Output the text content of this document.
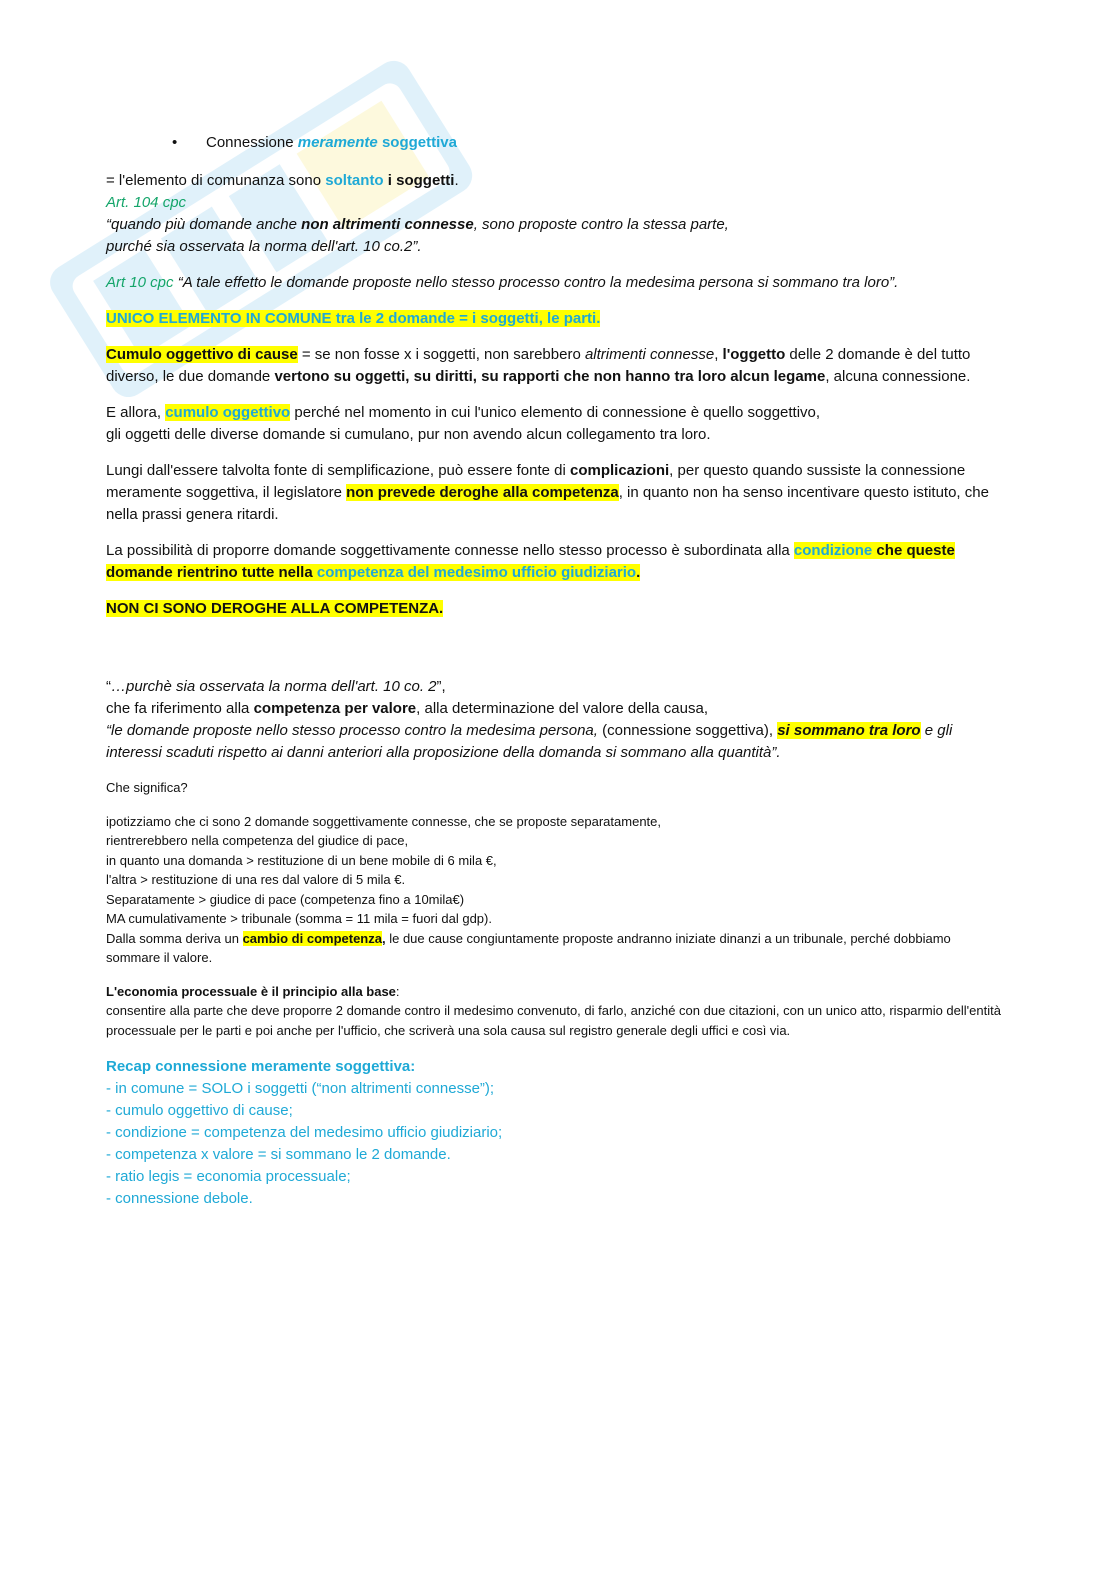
• Connessione meramente soggettiva

= l'elemento di comunanza sono soltanto i soggetti.

Art. 104 cpc

“quando più domande anche non altrimenti connesse, sono proposte contro la stessa parte,

purché sia osservata la norma dell'art. 10 co.2”.

Art 10 cpc “A tale effetto le domande proposte nello stesso processo contro la medesima persona si sommano tra loro”.

UNICO ELEMENTO IN COMUNE tra le 2 domande = i soggetti, le parti.

Cumulo oggettivo di cause = se non fosse x i soggetti, non sarebbero altrimenti connesse, l'oggetto delle 2 domande è del tutto diverso, le due domande vertono su oggetti, su diritti, su rapporti che non hanno tra loro alcun legame, alcuna connessione.

E allora, cumulo oggettivo perché nel momento in cui l'unico elemento di connessione è quello soggettivo,
gli oggetti delle diverse domande si cumulano, pur non avendo alcun collegamento tra loro.

Lungi dall'essere talvolta fonte di semplificazione, può essere fonte di complicazioni, per questo quando sussiste la connessione meramente soggettiva, il legislatore non prevede deroghe alla competenza, in quanto non ha senso incentivare questo istituto, che nella prassi genera ritardi.

La possibilità di proporre domande soggettivamente connesse nello stesso processo è subordinata alla condizione che queste domande rientrino tutte nella competenza del medesimo ufficio giudiziario.

NON CI SONO DEROGHE ALLA COMPETENZA.

“…purchè sia osservata la norma dell'art. 10 co. 2”,
che fa riferimento alla competenza per valore, alla determinazione del valore della causa,
“le domande proposte nello stesso processo contro la medesima persona, (connessione soggettiva), si sommano tra loro e gli interessi scaduti rispetto ai danni anteriori alla proposizione della domanda si sommano alla quantità”.

Che significa?

ipotizziamo che ci sono 2 domande soggettivamente connesse, che se proposte separatamente,

rientrerebbero nella competenza del giudice di pace,

in quanto una domanda > restituzione di un bene mobile di 6 mila €,

l'altra > restituzione di una res dal valore di 5 mila €.

Separatamente > giudice di pace (competenza fino a 10mila€)

MA cumulativamente > tribunale (somma = 11 mila = fuori dal gdp).

Dalla somma deriva un cambio di competenza, le due cause congiuntamente proposte andranno iniziate dinanzi a un tribunale, perché dobbiamo sommare il valore.

L'economia processuale è il principio alla base:

consentire alla parte che deve proporre 2 domande contro il medesimo convenuto, di farlo, anziché con due citazioni, con un unico atto, risparmio dell'entità processuale per le parti e poi anche per l'ufficio, che scriverà una sola causa sul registro generale degli uffici e così via.

Recap connessione meramente soggettiva:

- in comune = SOLO i soggetti (“non altrimenti connesse”);

- cumulo oggettivo di cause;

- condizione = competenza del medesimo ufficio giudiziario;

- competenza x valore = si sommano le 2 domande.

- ratio legis = economia processuale;

- connessione debole.
